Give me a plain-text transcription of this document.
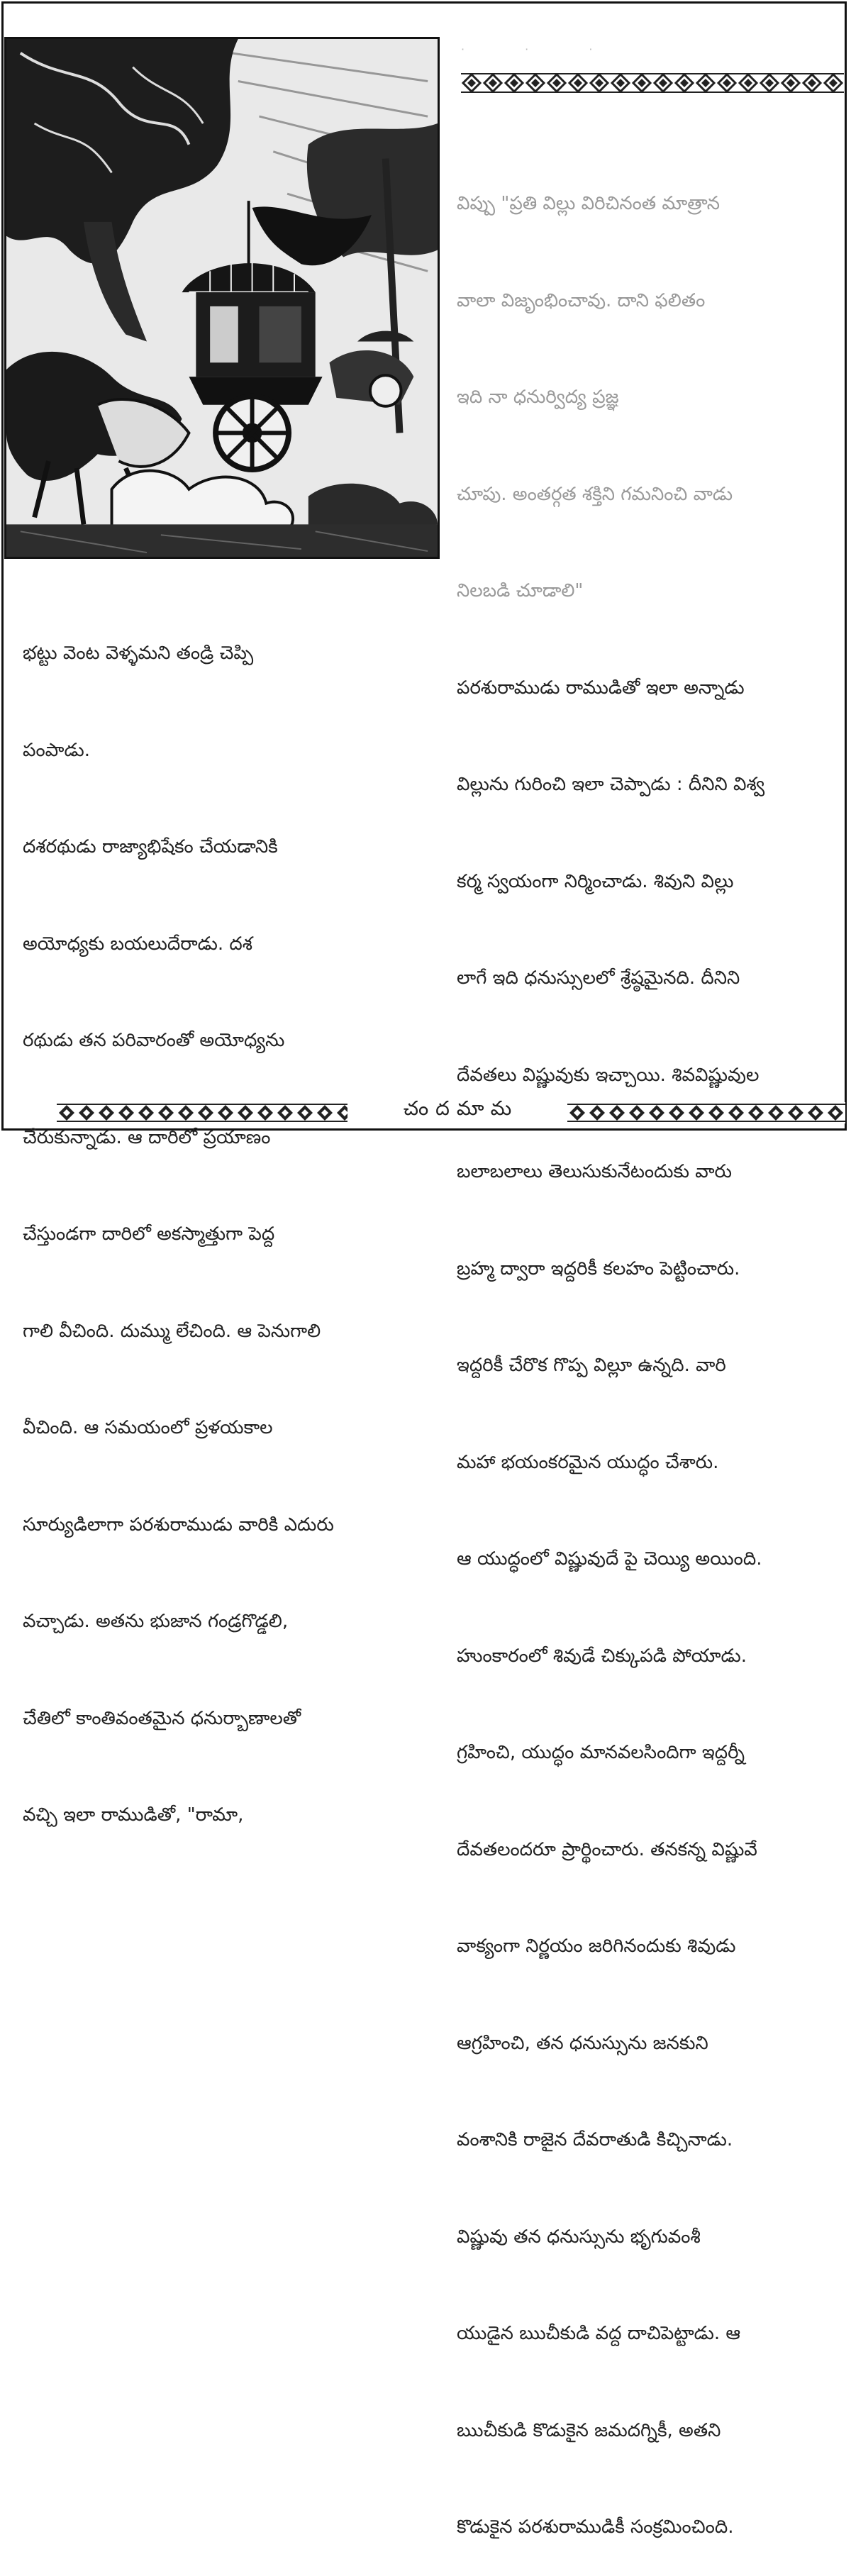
· · ·

విప్పు "ప్రతి విల్లు విరిచినంత మాత్రాన

వాలా విజృంభించావు. దాని ఫలితం

ఇది నా ధనుర్విద్య ప్రజ్ఞ

చూపు. అంతర్గత శక్తిని గమనించి వాడు

నిలబడి చూడాలి"

పరశురాముడు రాముడితో ఇలా అన్నాడు

విల్లును గురించి ఇలా చెప్పాడు : దీనిని విశ్వ

కర్మ స్వయంగా నిర్మించాడు. శివుని విల్లు

లాగే ఇది ధనుస్సులలో శ్రేష్ఠమైనది. దీనిని

దేవతలు విష్ణువుకు ఇచ్చాయి. శివవిష్ణువుల

బలాబలాలు తెలుసుకునేటందుకు వారు

బ్రహ్మ ద్వారా ఇద్దరికీ కలహం పెట్టించారు.

ఇద్దరికీ చేరొక గొప్ప విల్లూ ఉన్నది. వారి

మహా భయంకరమైన యుద్ధం చేశారు.

ఆ యుద్ధంలో విష్ణువుదే పై చెయ్యి అయింది.

హుంకారంలో శివుడే చిక్కుపడి పోయాడు.

గ్రహించి, యుద్ధం మానవలసిందిగా ఇద్దర్నీ

దేవతలందరూ ప్రార్థించారు. తనకన్న విష్ణువే

వాక్యంగా నిర్ణయం జరిగినందుకు శివుడు

ఆగ్రహించి, తన ధనుస్సును జనకుని

వంశానికి రాజైన దేవరాతుడి కిచ్చినాడు.

విష్ణువు తన ధనుస్సును భృగువంశీ

యుడైన ఋచీకుడి వద్ద దాచిపెట్టాడు. ఆ

ఋచీకుడి కొడుకైన జమదగ్నికీ, అతని

కొడుకైన పరశురాముడికీ సంక్రమించింది.

భట్టు వెంట వెళ్ళమని తండ్రి చెప్పి

పంపాడు.

దశరథుడు రాజ్యాభిషేకం చేయడానికి

అయోధ్యకు బయలుదేరాడు. దశ

రథుడు తన పరివారంతో అయోధ్యను

చేరుకున్నాడు. ఆ దారిలో ప్రయాణం

చేస్తుండగా దారిలో అకస్మాత్తుగా పెద్ద

గాలి వీచింది. దుమ్ము లేచింది. ఆ పెనుగాలి

వీచింది. ఆ సమయంలో ప్రళయకాల

సూర్యుడిలాగా పరశురాముడు వారికి ఎదురు

వచ్చాడు. అతను భుజాన గండ్రగొడ్డలి,

చేతిలో కాంతివంతమైన ధనుర్బాణాలతో

వచ్చి ఇలా రాముడితో, "రామా,

చందమామ
